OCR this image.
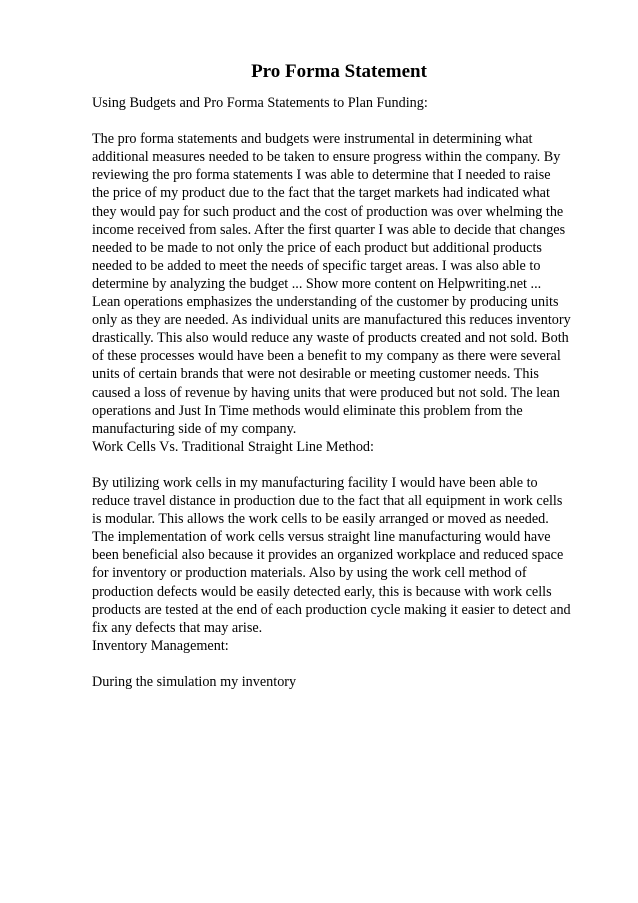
Pro Forma Statement

Using Budgets and Pro Forma Statements to Plan Funding:

The pro forma statements and budgets were instrumental in determining what
additional measures needed to be taken to ensure progress within the company. By
reviewing the pro forma statements I was able to determine that I needed to raise
the price of my product due to the fact that the target markets had indicated what
they would pay for such product and the cost of production was over whelming the
income received from sales. After the first quarter I was able to decide that changes
needed to be made to not only the price of each product but additional products
needed to be added to meet the needs of specific target areas. I was also able to
determine by analyzing the budget ... Show more content on Helpwriting.net ...
Lean operations emphasizes the understanding of the customer by producing units
only as they are needed. As individual units are manufactured this reduces inventory
drastically. This also would reduce any waste of products created and not sold. Both
of these processes would have been a benefit to my company as there were several
units of certain brands that were not desirable or meeting customer needs. This
caused a loss of revenue by having units that were produced but not sold. The lean
operations and Just In Time methods would eliminate this problem from the
manufacturing side of my company.

Work Cells Vs. Traditional Straight Line Method:

By utilizing work cells in my manufacturing facility I would have been able to
reduce travel distance in production due to the fact that all equipment in work cells
is modular. This allows the work cells to be easily arranged or moved as needed.
The implementation of work cells versus straight line manufacturing would have
been beneficial also because it provides an organized workplace and reduced space
for inventory or production materials. Also by using the work cell method of
production defects would be easily detected early, this is because with work cells
products are tested at the end of each production cycle making it easier to detect and
fix any defects that may arise.

Inventory Management:

During the simulation my inventory
